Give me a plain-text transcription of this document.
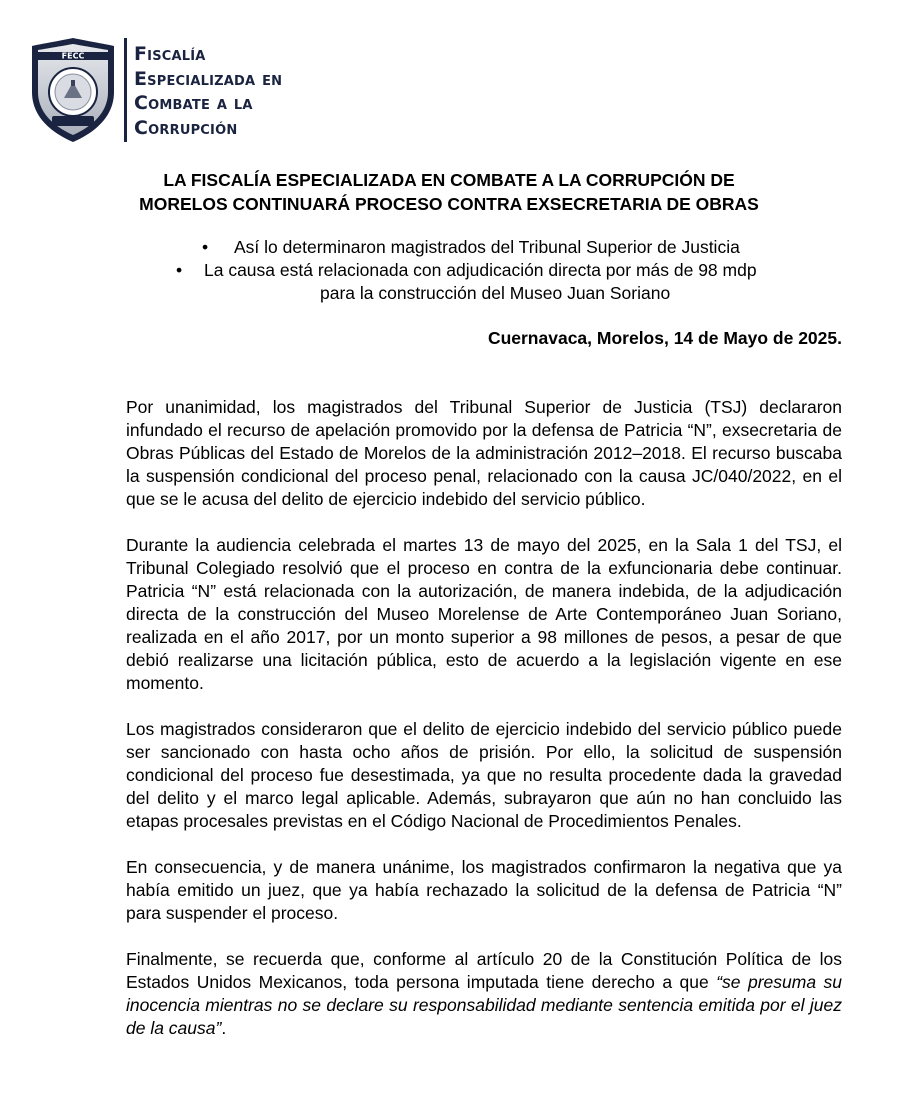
FECC	Fiscalía
Especializada en
Combate a la
Corrupción
LA FISCALÍA ESPECIALIZADA EN COMBATE A LA CORRUPCIÓN DE
MORELOS CONTINUARÁ PROCESO CONTRA EXSECRETARIA DE OBRAS
• Así lo determinaron magistrados del Tribunal Superior de Justicia
• La causa está relacionada con adjudicación directa por más de 98 mdp
para la construcción del Museo Juan Soriano
Cuernavaca, Morelos, 14 de Mayo de 2025.

Por unanimidad, los magistrados del Tribunal Superior de Justicia (TSJ) declararon infundado el recurso de apelación promovido por la defensa de Patricia “N”, exsecretaria de Obras Públicas del Estado de Morelos de la administración 2012–2018. El recurso buscaba la suspensión condicional del proceso penal, relacionado con la causa JC/040/2022, en el que se le acusa del delito de ejercicio indebido del servicio público.

Durante la audiencia celebrada el martes 13 de mayo del 2025, en la Sala 1 del TSJ, el Tribunal Colegiado resolvió que el proceso en contra de la exfuncionaria debe continuar. Patricia “N” está relacionada con la autorización, de manera indebida, de la adjudicación directa de la construcción del Museo Morelense de Arte Contemporáneo Juan Soriano, realizada en el año 2017, por un monto superior a 98 millones de pesos, a pesar de que debió realizarse una licitación pública, esto de acuerdo a la legislación vigente en ese momento.

Los magistrados consideraron que el delito de ejercicio indebido del servicio público puede ser sancionado con hasta ocho años de prisión. Por ello, la solicitud de suspensión condicional del proceso fue desestimada, ya que no resulta procedente dada la gravedad del delito y el marco legal aplicable. Además, subrayaron que aún no han concluido las etapas procesales previstas en el Código Nacional de Procedimientos Penales.

En consecuencia, y de manera unánime, los magistrados confirmaron la negativa que ya había emitido un juez, que ya había rechazado la solicitud de la defensa de Patricia “N” para suspender el proceso.

Finalmente, se recuerda que, conforme al artículo 20 de la Constitución Política de los Estados Unidos Mexicanos, toda persona imputada tiene derecho a que “se presuma su inocencia mientras no se declare su responsabilidad mediante sentencia emitida por el juez de la causa”.
